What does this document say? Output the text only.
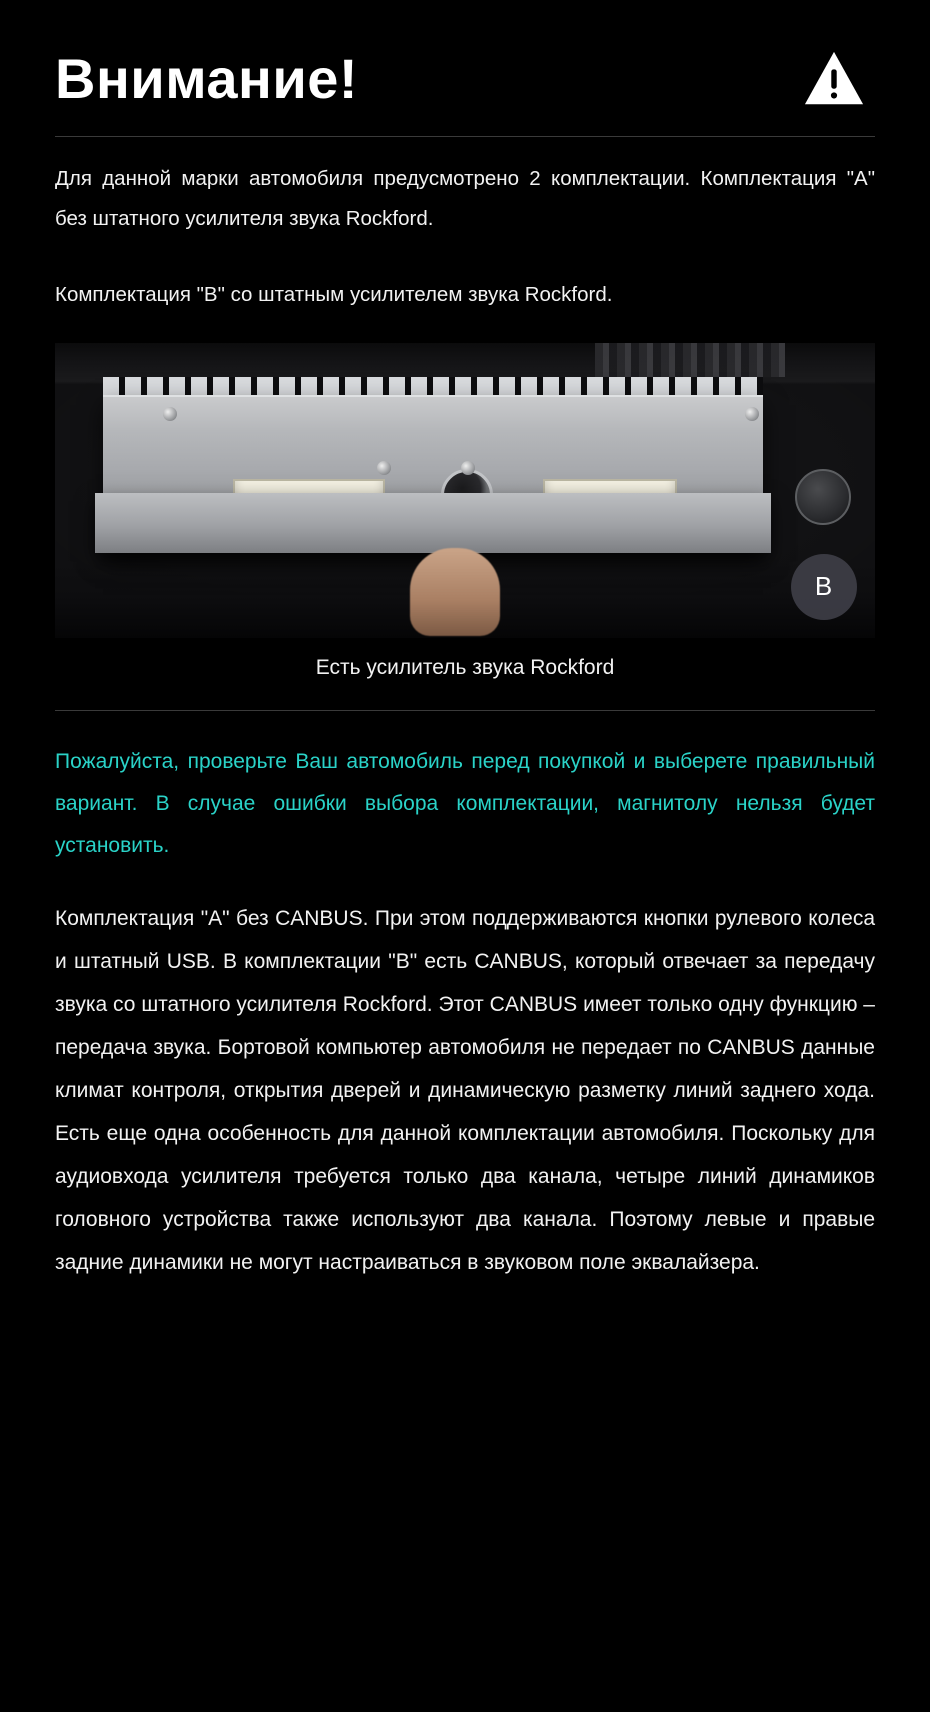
Внимание!

Для данной марки автомобиля предусмотрено 2 комплектации. Комплектация "А" без штатного усилителя звука Rockford.

Комплектация "B" со штатным усилителем звука Rockford.

B
Есть усилитель звука Rockford

Пожалуйста, проверьте Ваш автомобиль перед покупкой и выберете правильный вариант. В случае ошибки выбора комплектации, магнитолу нельзя будет установить.

Комплектация "А" без CANBUS. При этом поддерживаются кнопки рулевого колеса и штатный USB. В комплектации "B" есть CANBUS, который отвечает за передачу звука со штатного усилителя Rockford. Этот CANBUS имеет только одну функцию – передача звука. Бортовой компьютер автомобиля не передает по CANBUS данные климат контроля, открытия дверей и динамическую разметку линий заднего хода. Есть еще одна особенность для данной комплектации автомобиля. Поскольку для аудиовхода усилителя требуется только два канала, четыре линий динамиков головного устройства также используют два канала. Поэтому левые и правые задние динамики не могут настраиваться в звуковом поле эквалайзера.
